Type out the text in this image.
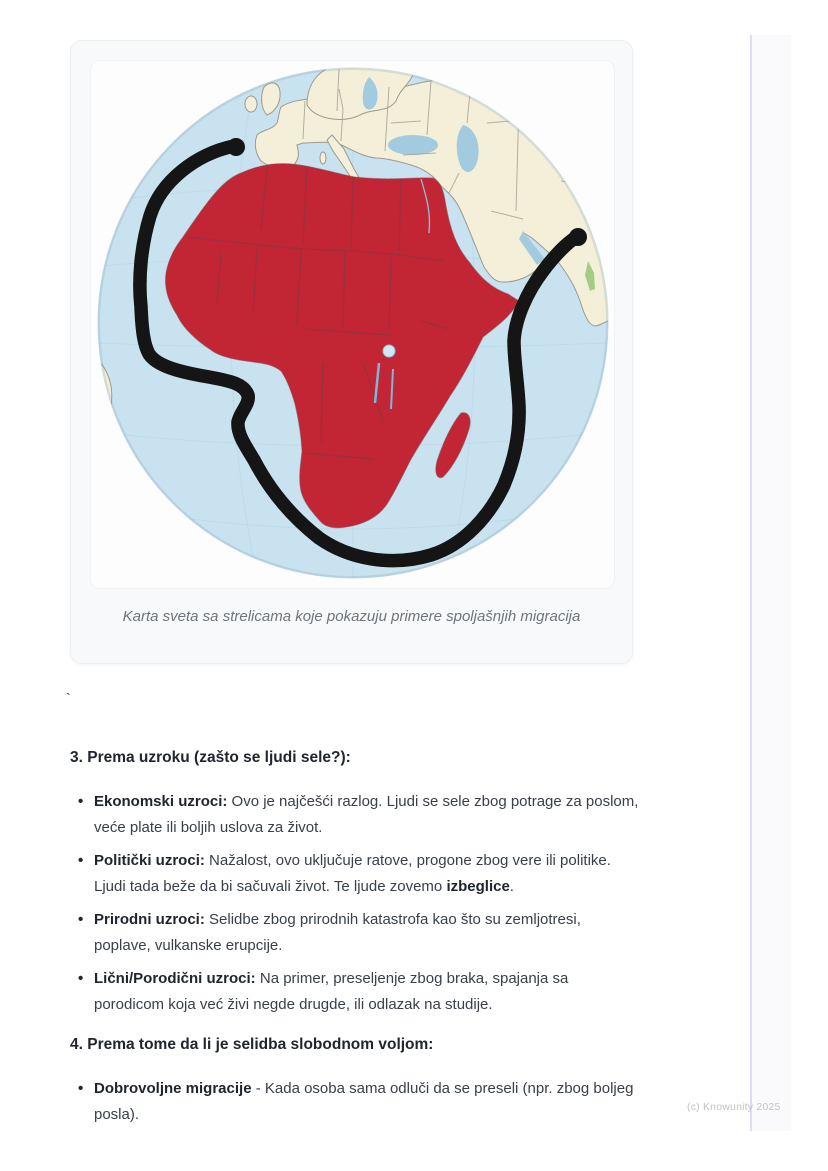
Karta sveta sa strelicama koje pokazuju primere spoljašnjih migracija
`
3. Prema uzroku (zašto se ljudi sele?):
• Ekonomski uzroci: Ovo je najčešći razlog. Ljudi se sele zbog potrage za poslom, veće plate ili boljih uslova za život.
• Politički uzroci: Nažalost, ovo uključuje ratove, progone zbog vere ili politike. Ljudi tada beže da bi sačuvali život. Te ljude zovemo izbeglice.
• Prirodni uzroci: Selidbe zbog prirodnih katastrofa kao što su zemljotresi, poplave, vulkanske erupcije.
• Lični/Porodični uzroci: Na primer, preseljenje zbog braka, spajanja sa porodicom koja već živi negde drugde, ili odlazak na studije.
4. Prema tome da li je selidba slobodnom voljom:
• Dobrovoljne migracije - Kada osoba sama odluči da se preseli (npr. zbog boljeg posla).	(c) Knowunity 2025
